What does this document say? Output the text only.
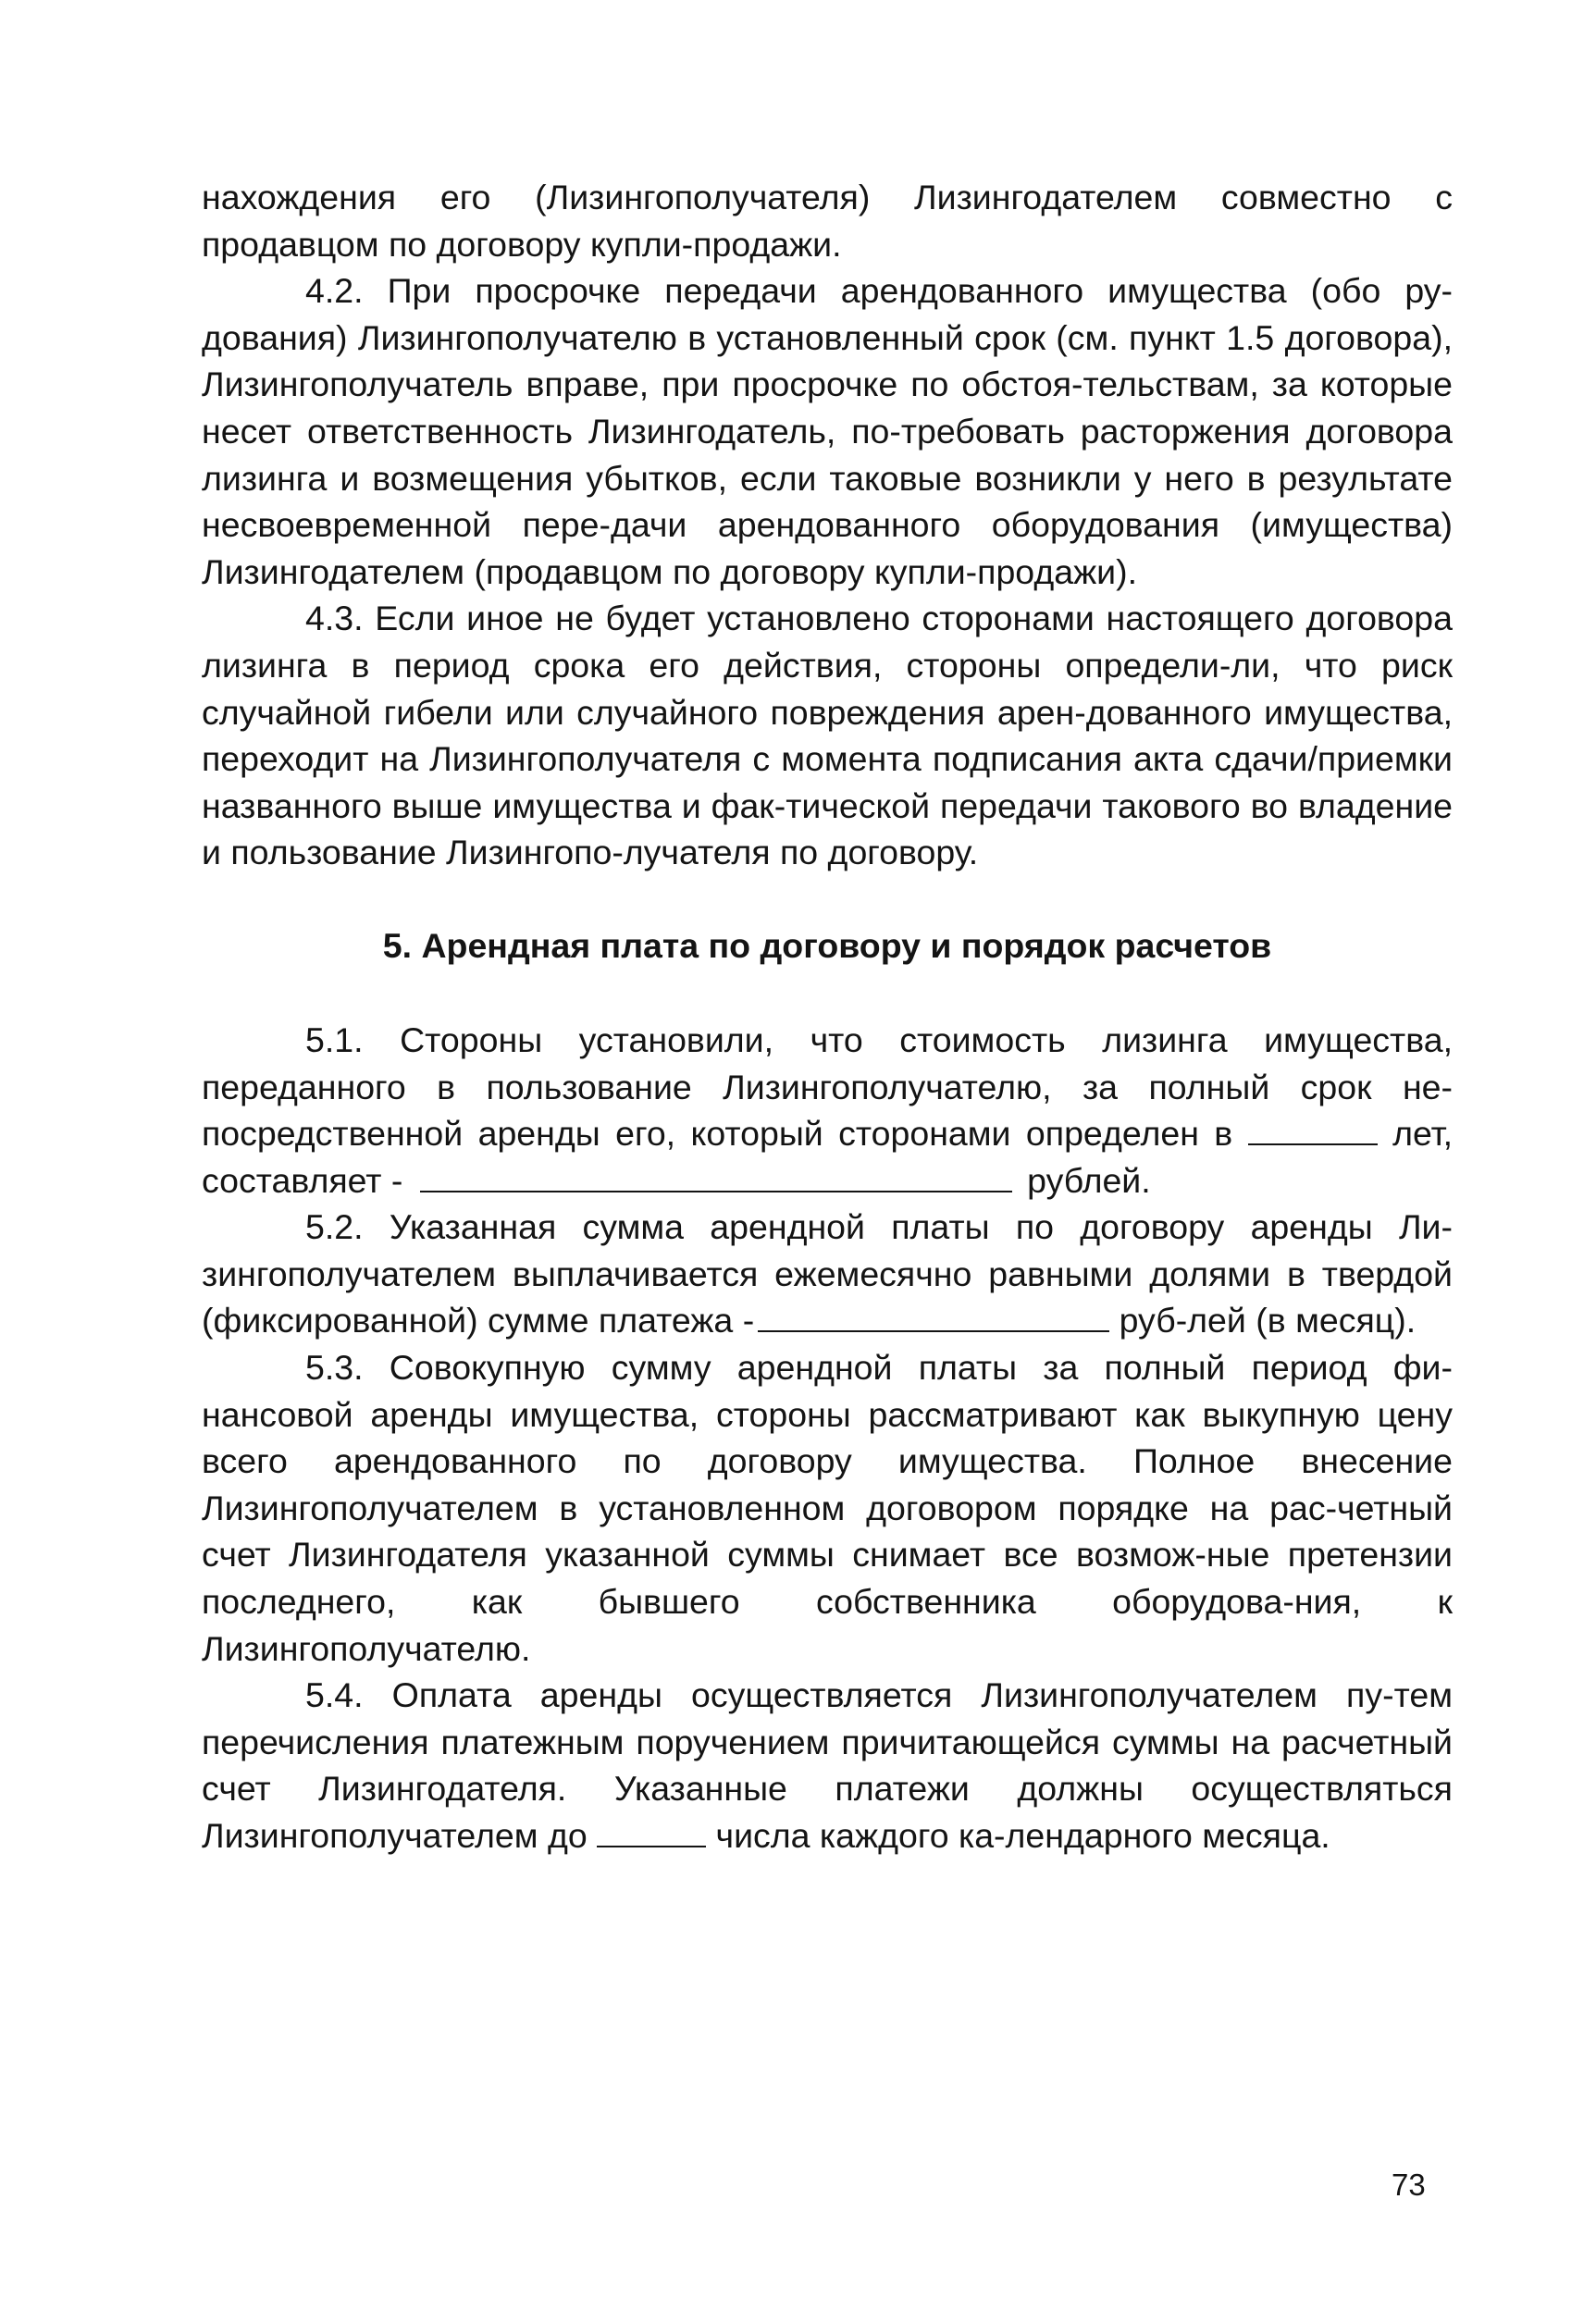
нахождения его (Лизингополучателя) Лизингодателем совместно с продавцом по договору купли-продажи.

4.2. При просрочке передачи арендованного имущества (обо ру-дования) Лизингополучателю в установленный срок (см. пункт 1.5 договора), Лизингополучатель вправе, при просрочке по обстоя-тельствам, за которые несет ответственность Лизингодатель, по-требовать расторжения договора лизинга и возмещения убытков, если таковые возникли у него в результате несвоевременной пере-дачи арендованного оборудования (имущества) Лизингодателем (продавцом по договору купли-продажи).

4.3. Если иное не будет установлено сторонами настоящего договора лизинга в период срока его действия, стороны определи-ли, что риск случайной гибели или случайного повреждения арен-дованного имущества, переходит на Лизингополучателя с момента подписания акта сдачи/приемки названного выше имущества и фак-тической передачи такового во владение и пользование Лизингопо-лучателя по договору.

5. Арендная плата по договору и порядок расчетов

5.1. Стороны установили, что стоимость лизинга имущества, переданного в пользование Лизингополучателю, за полный срок не-посредственной аренды его, который сторонами определен в	лет, составляет -	рублей.

5.2. Указанная сумма арендной платы по договору аренды Ли-зингополучателем выплачивается ежемесячно равными долями в твердой (фиксированной) сумме платежа -	руб-лей (в месяц).

5.3. Совокупную сумму арендной платы за полный период фи-нансовой аренды имущества, стороны рассматривают как выкупную цену всего арендованного по договору имущества. Полное внесение Лизингополучателем в установленном договором порядке на рас-четный счет Лизингодателя указанной суммы снимает все возмож-ные претензии последнего, как бывшего собственника оборудова-ния, к Лизингополучателю.

5.4. Оплата аренды осуществляется Лизингополучателем пу-тем перечисления платежным поручением причитающейся суммы на расчетный счет Лизингодателя. Указанные платежи должны осуществляться Лизингополучателем до	числа каждого ка-лендарного месяца.

73
